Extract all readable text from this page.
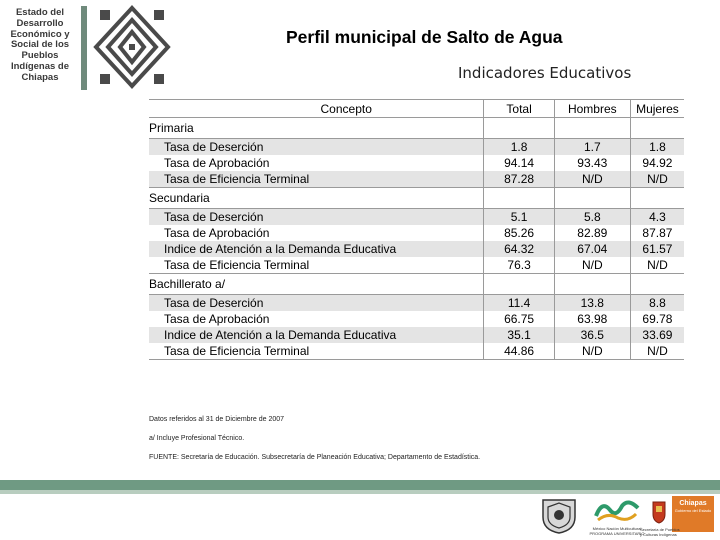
Estado del
Desarrollo
Económico y
Social de los
Pueblos
Indígenas de
Chiapas
Perfil municipal de Salto de Agua
Indicadores Educativos
Concepto	Total	Hombres	Mujeres
Primaria			
Tasa de Deserción	1.8	1.7	1.8
Tasa de Aprobación	94.14	93.43	94.92
Tasa de Eficiencia Terminal	87.28	N/D	N/D
Secundaria			
Tasa de Deserción	5.1	5.8	4.3
Tasa de Aprobación	85.26	82.89	87.87
Indice de Atención a la Demanda Educativa	64.32	67.04	61.57
Tasa de Eficiencia Terminal	76.3	N/D	N/D
Bachillerato a/			
Tasa de Deserción	11.4	13.8	8.8
Tasa de Aprobación	66.75	63.98	69.78
Indice de Atención a la Demanda Educativa	35.1	36.5	33.69
Tasa de Eficiencia Terminal	44.86	N/D	N/D

Datos referidos al 31 de Diciembre de 2007

a/ Incluye Profesional Técnico.

FUENTE: Secretaría de Educación. Subsecretaría de Planeación Educativa; Departamento de Estadística.

México Nación Multicultural
PROGRAMA UNIVERSITARIO
Chiapas
Gobierno del Estado
Secretaría de Pueblos y Culturas Indígenas
